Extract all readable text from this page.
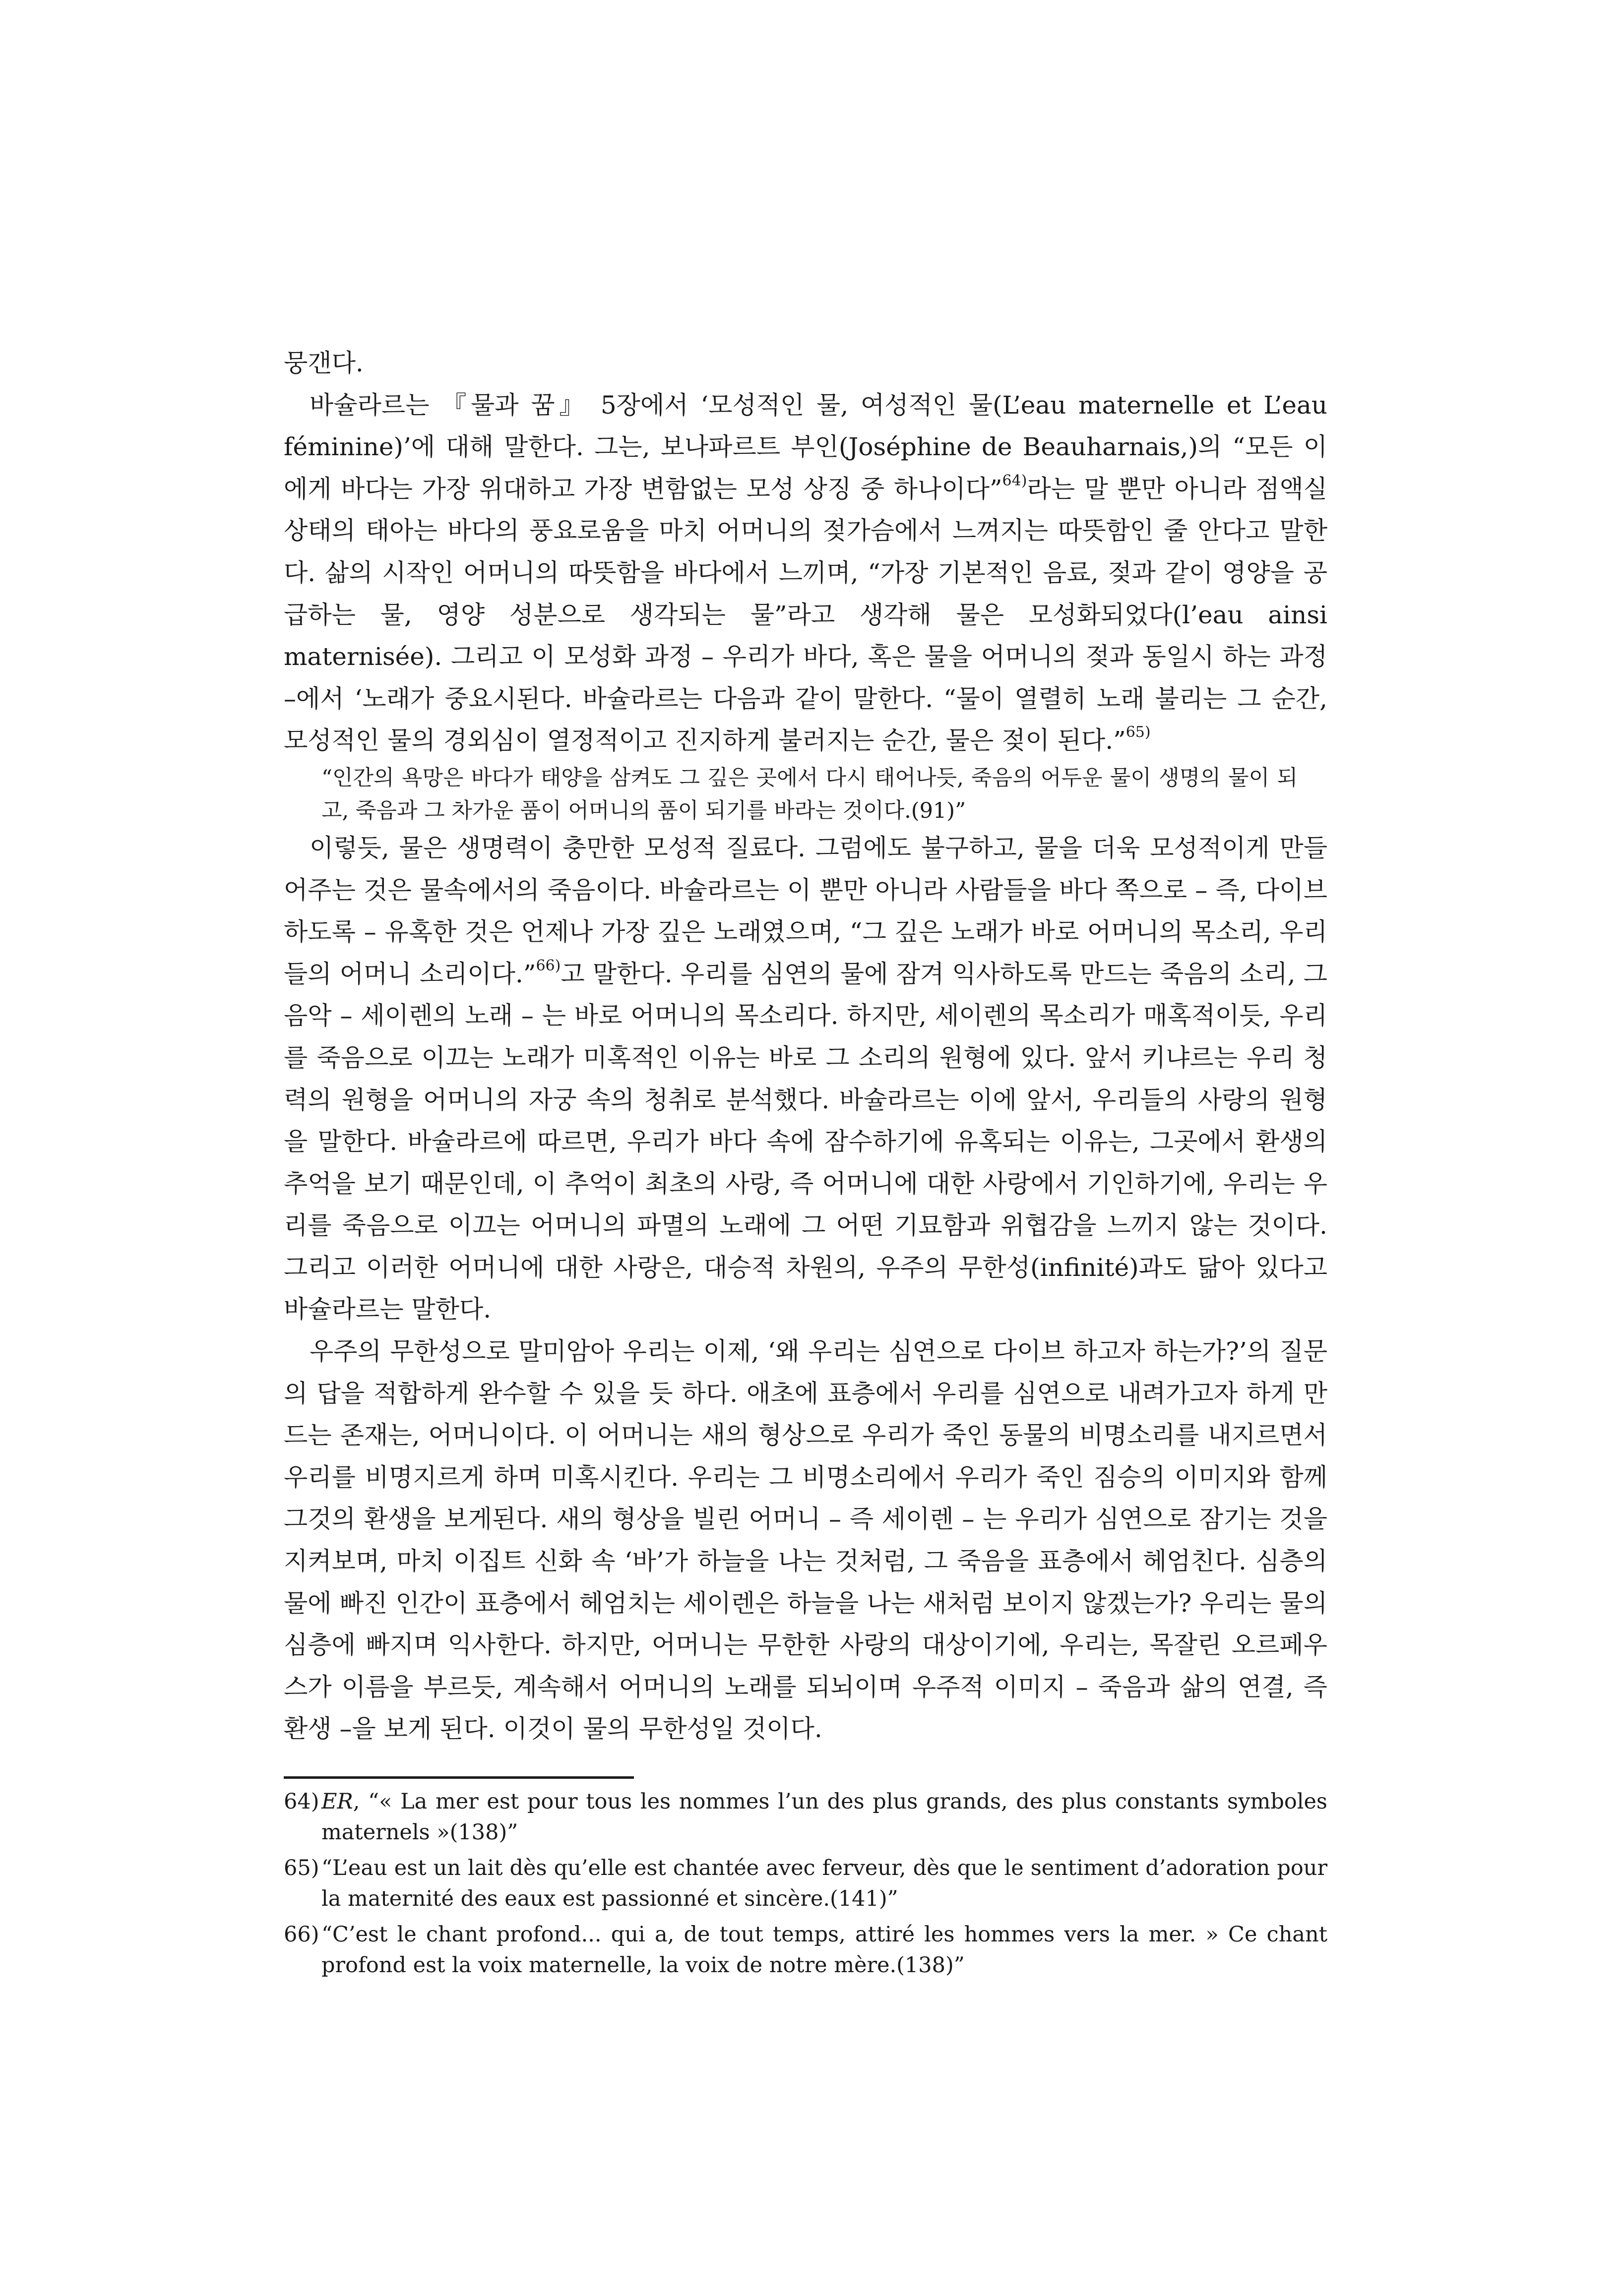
뭉갠다.

바슐라르는 『물과 꿈』 5장에서 ‘모성적인 물, 여성적인 물(L’eau maternelle et L’eau féminine)’에 대해 말한다. 그는, 보나파르트 부인(Joséphine de Beauharnais,)의 “모든 이에게 바다는 가장 위대하고 가장 변함없는 모성 상징 중 하나이다”$^{64)}$라는 말 뿐만 아니라 점액실 상태의 태아는 바다의 풍요로움을 마치 어머니의 젖가슴에서 느껴지는 따뜻함인 줄 안다고 말한다. 삶의 시작인 어머니의 따뜻함을 바다에서 느끼며, “가장 기본적인 음료, 젖과 같이 영양을 공급하는 물, 영양 성분으로 생각되는 물”라고 생각해 물은 모성화되었다(l’eau ainsi maternisée). 그리고 이 모성화 과정 – 우리가 바다, 혹은 물을 어머니의 젖과 동일시 하는 과정 –에서 ‘노래가 중요시된다. 바슐라르는 다음과 같이 말한다. “물이 열렬히 노래 불리는 그 순간, 모성적인 물의 경외심이 열정적이고 진지하게 불러지는 순간, 물은 젖이 된다.”$^{65)}$

“인간의 욕망은 바다가 태양을 삼켜도 그 깊은 곳에서 다시 태어나듯, 죽음의 어두운 물이 생명의 물이 되고, 죽음과 그 차가운 품이 어머니의 품이 되기를 바라는 것이다.(91)”

이렇듯, 물은 생명력이 충만한 모성적 질료다. 그럼에도 불구하고, 물을 더욱 모성적이게 만들어주는 것은 물속에서의 죽음이다. 바슐라르는 이 뿐만 아니라 사람들을 바다 쪽으로 – 즉, 다이브하도록 – 유혹한 것은 언제나 가장 깊은 노래였으며, “그 깊은 노래가 바로 어머니의 목소리, 우리들의 어머니 소리이다.”$^{66)}$고 말한다. 우리를 심연의 물에 잠겨 익사하도록 만드는 죽음의 소리, 그 음악 – 세이렌의 노래 – 는 바로 어머니의 목소리다. 하지만, 세이렌의 목소리가 매혹적이듯, 우리를 죽음으로 이끄는 노래가 미혹적인 이유는 바로 그 소리의 원형에 있다. 앞서 키냐르는 우리 청력의 원형을 어머니의 자궁 속의 청취로 분석했다. 바슐라르는 이에 앞서, 우리들의 사랑의 원형을 말한다. 바슐라르에 따르면, 우리가 바다 속에 잠수하기에 유혹되는 이유는, 그곳에서 환생의 추억을 보기 때문인데, 이 추억이 최초의 사랑, 즉 어머니에 대한 사랑에서 기인하기에, 우리는 우리를 죽음으로 이끄는 어머니의 파멸의 노래에 그 어떤 기묘함과 위협감을 느끼지 않는 것이다. 그리고 이러한 어머니에 대한 사랑은, 대승적 차원의, 우주의 무한성(infinité)과도 닮아 있다고 바슐라르는 말한다.

우주의 무한성으로 말미암아 우리는 이제, ‘왜 우리는 심연으로 다이브 하고자 하는가?’의 질문의 답을 적합하게 완수할 수 있을 듯 하다. 애초에 표층에서 우리를 심연으로 내려가고자 하게 만드는 존재는, 어머니이다. 이 어머니는 새의 형상으로 우리가 죽인 동물의 비명소리를 내지르면서 우리를 비명지르게 하며 미혹시킨다. 우리는 그 비명소리에서 우리가 죽인 짐승의 이미지와 함께 그것의 환생을 보게된다. 새의 형상을 빌린 어머니 – 즉 세이렌 – 는 우리가 심연으로 잠기는 것을 지켜보며, 마치 이집트 신화 속 ‘바’가 하늘을 나는 것처럼, 그 죽음을 표층에서 헤엄친다. 심층의 물에 빠진 인간이 표층에서 헤엄치는 세이렌은 하늘을 나는 새처럼 보이지 않겠는가? 우리는 물의 심층에 빠지며 익사한다. 하지만, 어머니는 무한한 사랑의 대상이기에, 우리는, 목잘린 오르페우스가 이름을 부르듯, 계속해서 어머니의 노래를 되뇌이며 우주적 이미지 – 죽음과 삶의 연결, 즉 환생 –을 보게 된다. 이것이 물의 무한성일 것이다.

64) ER, “« La mer est pour tous les nommes l’un des plus grands, des plus constants symboles maternels »(138)”

65) “L’eau est un lait dès qu’elle est chantée avec ferveur, dès que le sentiment d’adoration pour la maternité des eaux est passionné et sincère.(141)”

66) “C’est le chant profond... qui a, de tout temps, attiré les hommes vers la mer. » Ce chant profond est la voix maternelle, la voix de notre mère.(138)”
